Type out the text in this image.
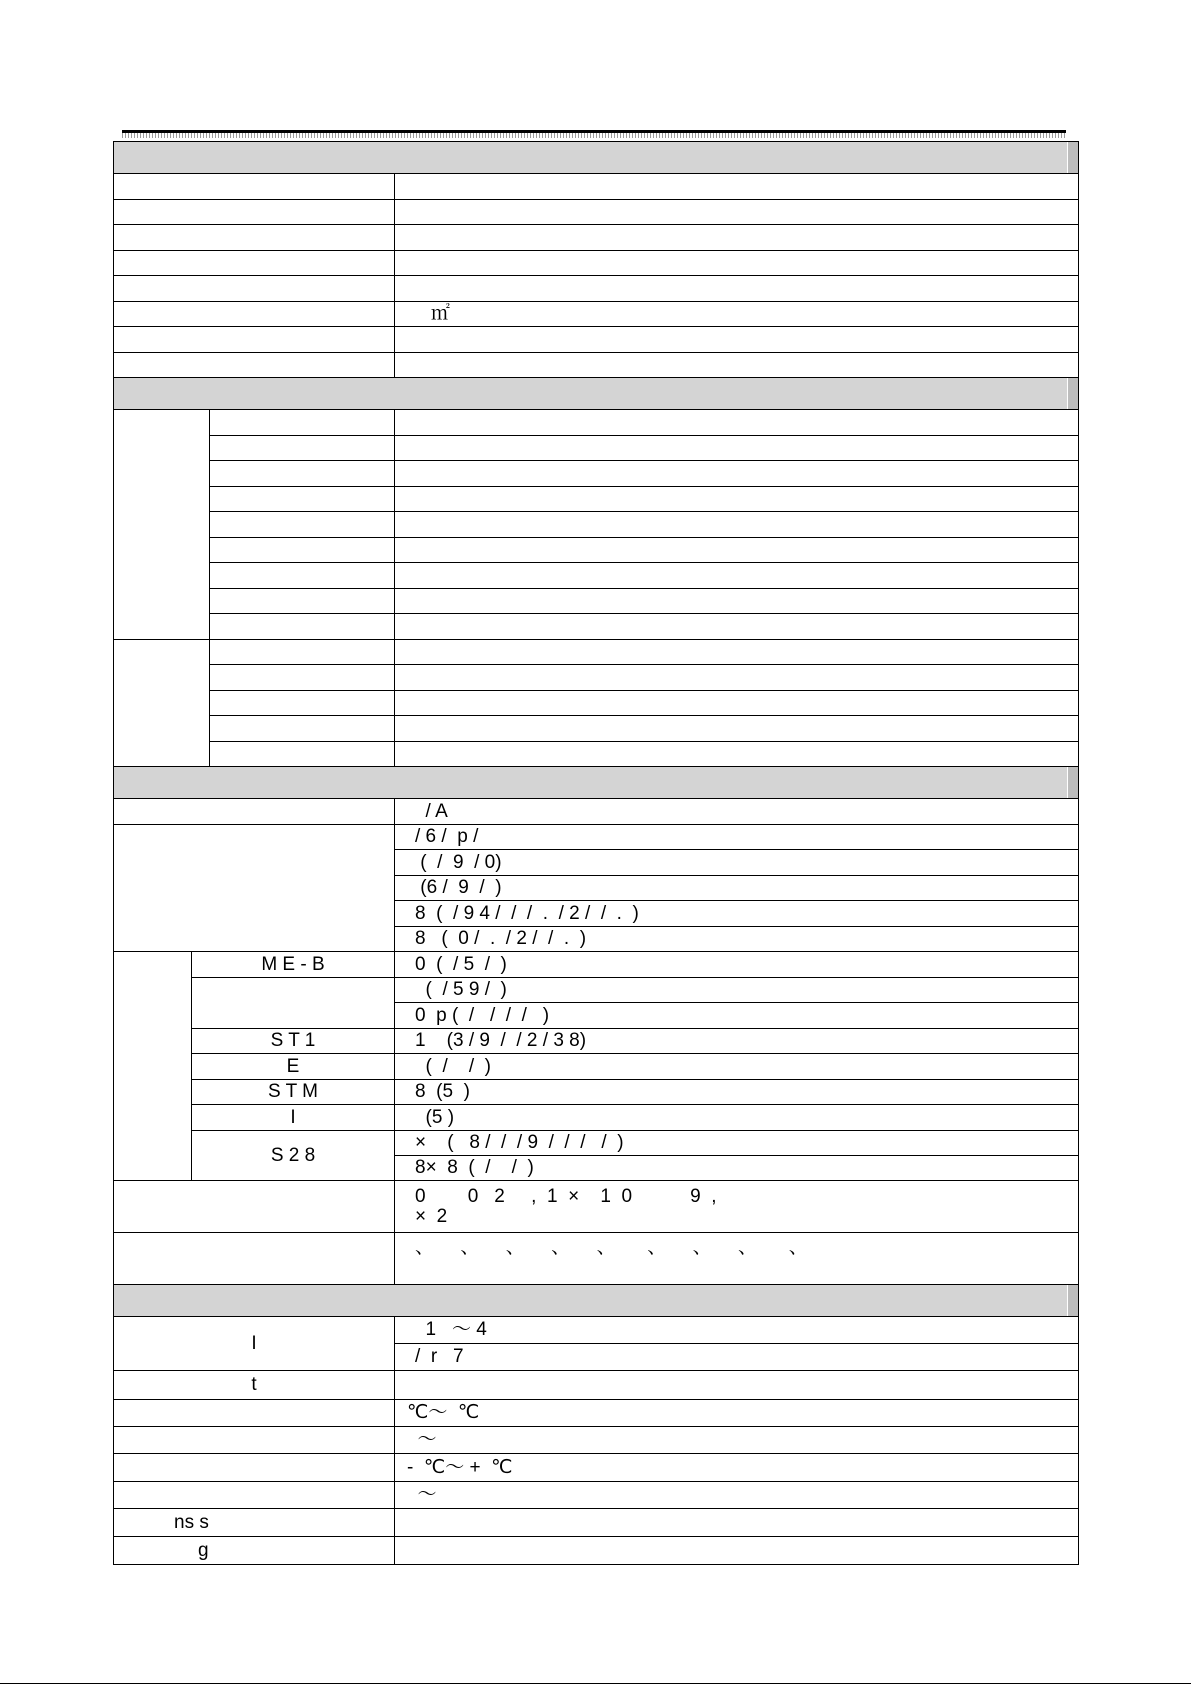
			㎡

			/ A
			/ 6 /  p /
			(  /  9  / 0)
			(6 /  9  /  )
			8  (  / 9 4 /  /  /  .  / 2 /  /  .  )
			8   (  0 /  .  / 2 /  /  .  )
	M E - B		0  (  / 5  /  )
			(  / 5 9 /  )
			0  p (  /   /  /  /   )
	S T 1		1    (3 / 9  /  / 2 / 3 8)
	E		(  /    /  )
	S T M		8  (5  )
	I		(5 )
	S 2 8		×    (   8 /  /  / 9  /  /  /   /  )
			8×  8  (  /    /  )
			0        0   2     ,  1  ×    1  0           9  ,
×  2
			、     、     、     、     、      、     、     、      、

I			1   ～ 4
			/  r   7
t			
			℃～  ℃
			～
			-  ℃～ +  ℃
			～
ns s			
g			
